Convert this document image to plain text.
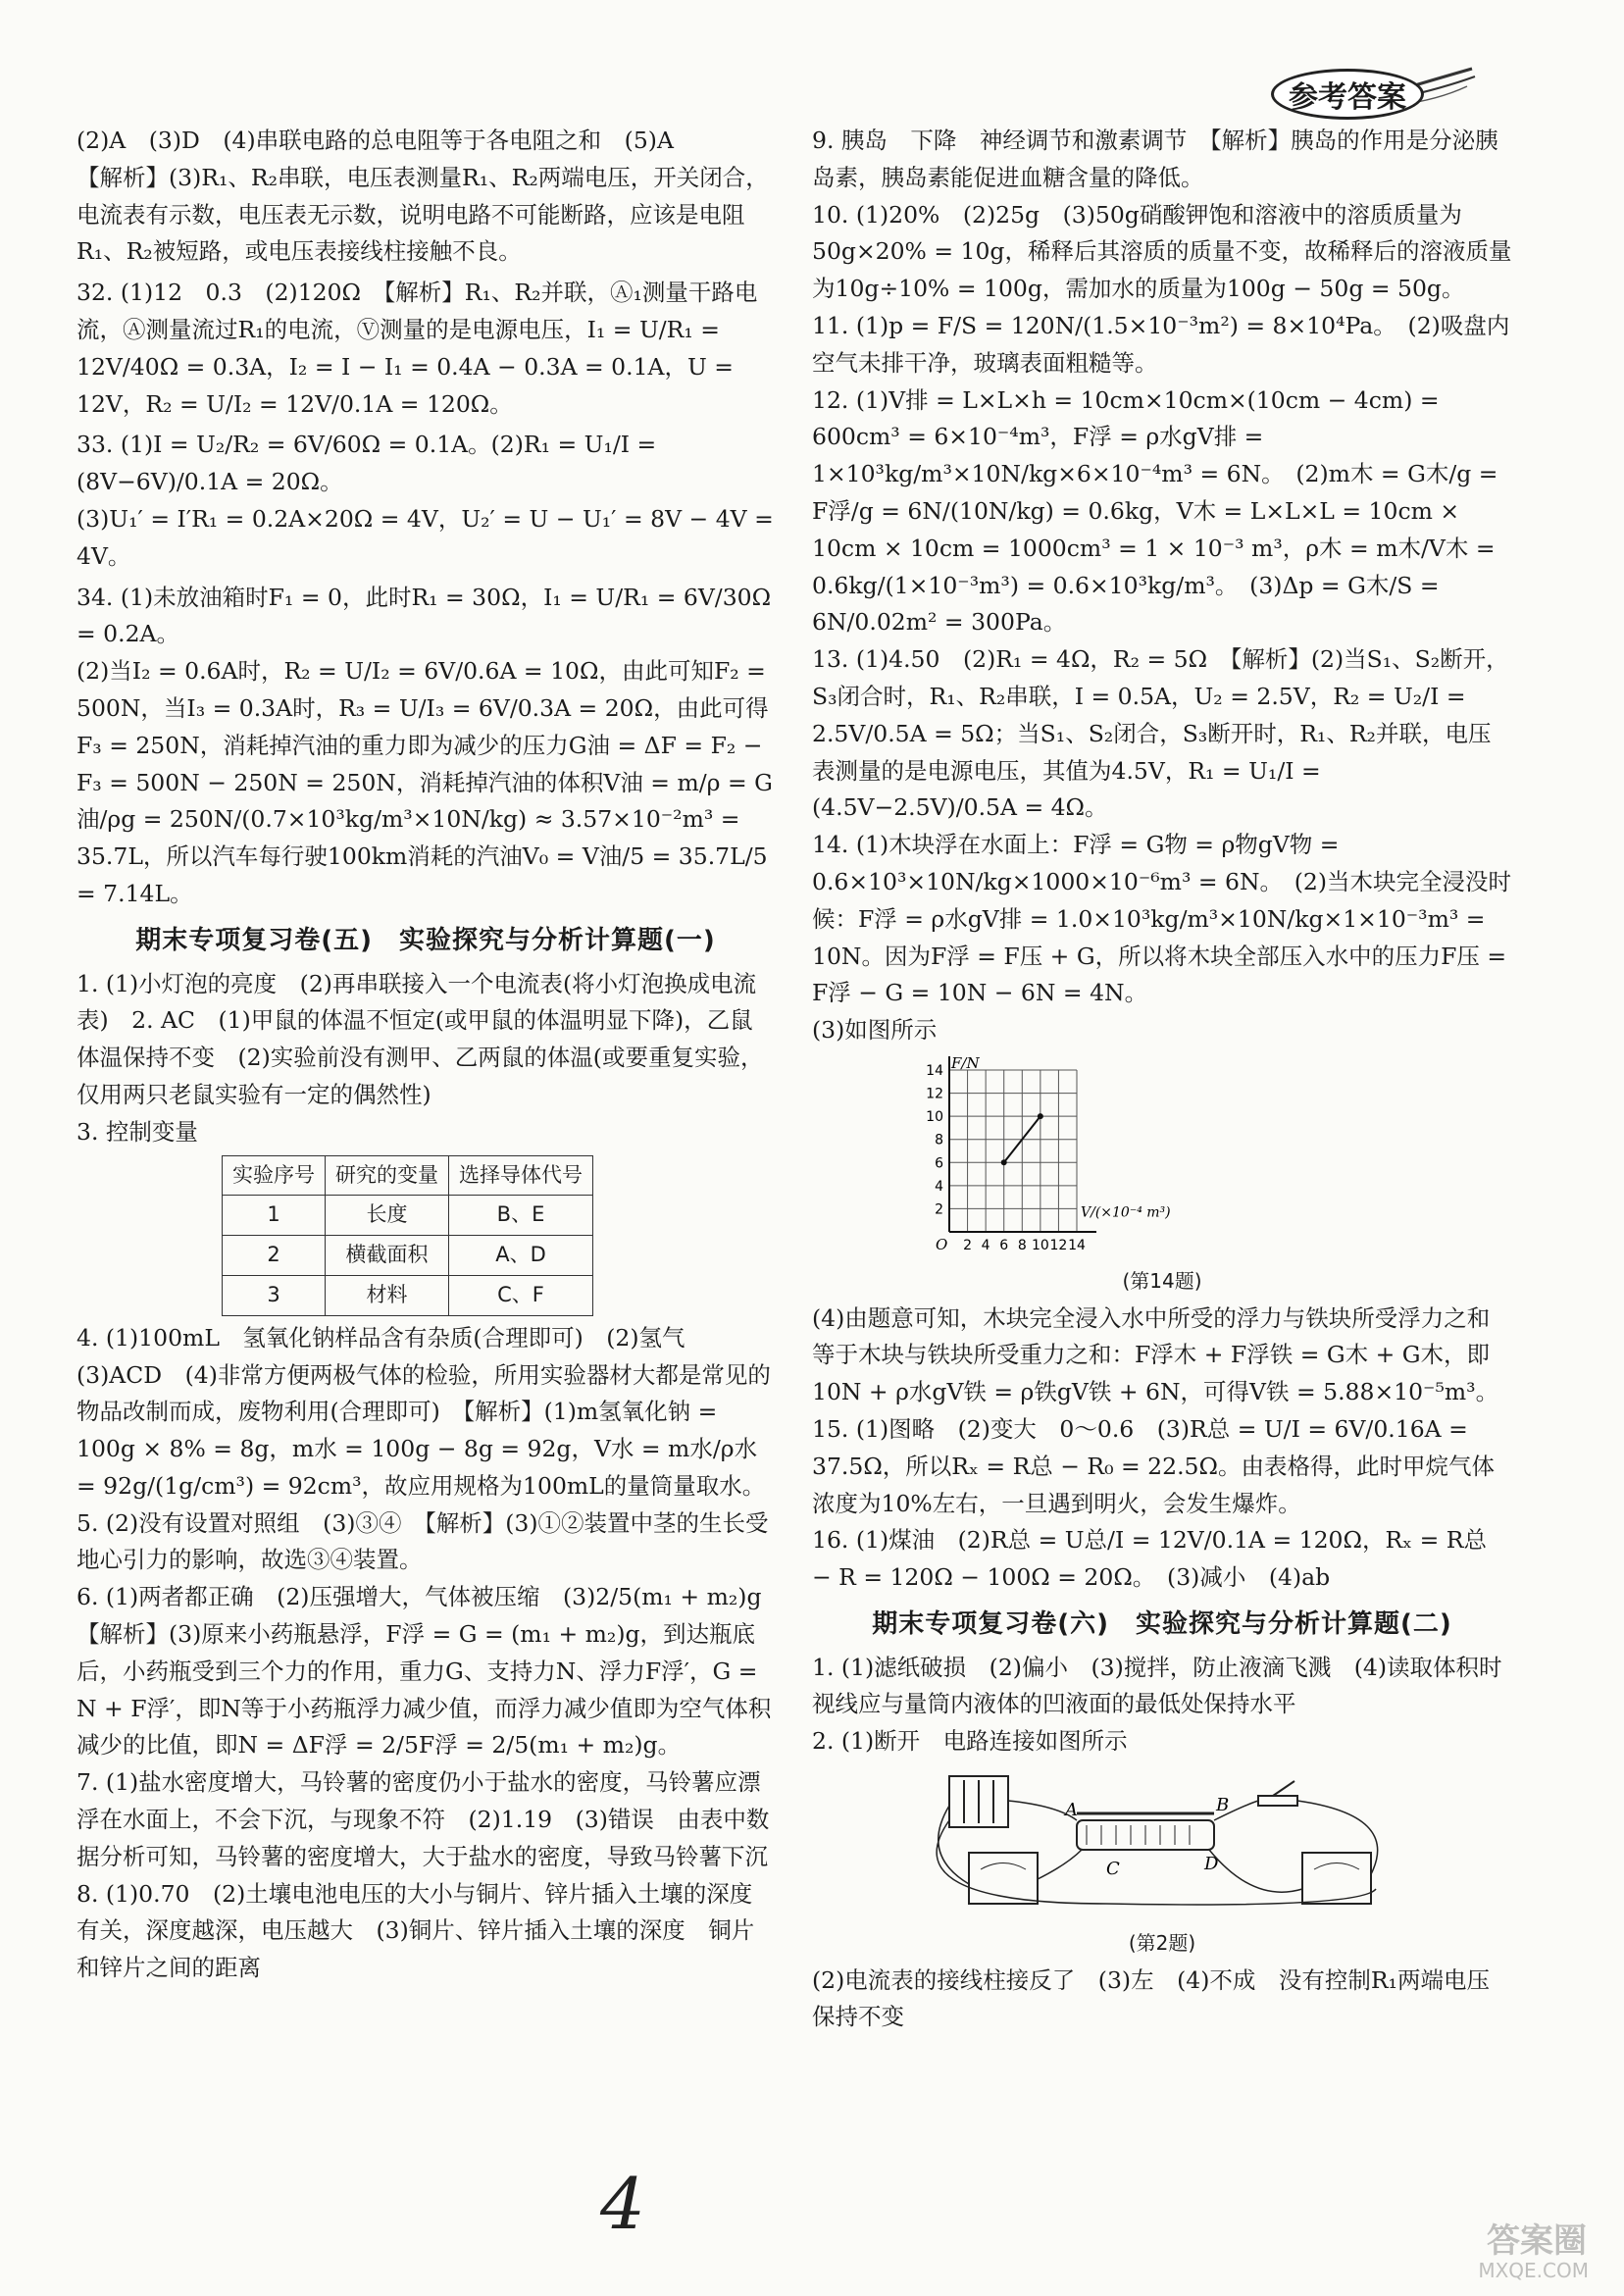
参考答案

(2)A　(3)D　(4)串联电路的总电阻等于各电阻之和　(5)A

【解析】(3)R₁、R₂串联，电压表测量R₁、R₂两端电压，开关闭合，电流表有示数，电压表无示数，说明电路不可能断路，应该是电阻R₁、R₂被短路，或电压表接线柱接触不良。

32. (1)12　0.3　(2)120Ω　【解析】R₁、R₂并联，Ⓐ₁测量干路电流，Ⓐ测量流过R₁的电流，Ⓥ测量的是电源电压，I₁ = U/R₁ = 12V/40Ω = 0.3A，I₂ = I − I₁ = 0.4A − 0.3A = 0.1A，U = 12V，R₂ = U/I₂ = 12V/0.1A = 120Ω。

33. (1)I = U₂/R₂ = 6V/60Ω = 0.1A。(2)R₁ = U₁/I = (8V−6V)/0.1A = 20Ω。

(3)U₁′ = I′R₁ = 0.2A×20Ω = 4V，U₂′ = U − U₁′ = 8V − 4V = 4V。

34. (1)未放油箱时F₁ = 0，此时R₁ = 30Ω，I₁ = U/R₁ = 6V/30Ω = 0.2A。

(2)当I₂ = 0.6A时，R₂ = U/I₂ = 6V/0.6A = 10Ω，由此可知F₂ = 500N，当I₃ = 0.3A时，R₃ = U/I₃ = 6V/0.3A = 20Ω，由此可得F₃ = 250N，消耗掉汽油的重力即为减少的压力G油 = ΔF = F₂ − F₃ = 500N − 250N = 250N，消耗掉汽油的体积V油 = m/ρ = G油/ρg = 250N/(0.7×10³kg/m³×10N/kg) ≈ 3.57×10⁻²m³ = 35.7L，所以汽车每行驶100km消耗的汽油V₀ = V油/5 = 35.7L/5 = 7.14L。

期末专项复习卷(五)　实验探究与分析计算题(一)

1. (1)小灯泡的亮度　(2)再串联接入一个电流表(将小灯泡换成电流表)　2. AC　(1)甲鼠的体温不恒定(或甲鼠的体温明显下降)，乙鼠体温保持不变　(2)实验前没有测甲、乙两鼠的体温(或要重复实验，仅用两只老鼠实验有一定的偶然性)

3. 控制变量

实验序号	研究的变量	选择导体代号
1	长度	B、E
2	横截面积	A、D
3	材料	C、F

4. (1)100mL　氢氧化钠样品含有杂质(合理即可)　(2)氢气　(3)ACD　(4)非常方便两极气体的检验，所用实验器材大都是常见的物品改制而成，废物利用(合理即可)　【解析】(1)m氢氧化钠 = 100g × 8% = 8g，m水 = 100g − 8g = 92g，V水 = m水/ρ水 = 92g/(1g/cm³) = 92cm³，故应用规格为100mL的量筒量取水。

5. (2)没有设置对照组　(3)③④　【解析】(3)①②装置中茎的生长受地心引力的影响，故选③④装置。

6. (1)两者都正确　(2)压强增大，气体被压缩　(3)2/5(m₁ + m₂)g

【解析】(3)原来小药瓶悬浮，F浮 = G = (m₁ + m₂)g，到达瓶底后，小药瓶受到三个力的作用，重力G、支持力N、浮力F浮′，G = N + F浮′，即N等于小药瓶浮力减少值，而浮力减少值即为空气体积减少的比值，即N = ΔF浮 = 2/5F浮 = 2/5(m₁ + m₂)g。

7. (1)盐水密度增大，马铃薯的密度仍小于盐水的密度，马铃薯应漂浮在水面上，不会下沉，与现象不符　(2)1.19　(3)错误　由表中数据分析可知，马铃薯的密度增大，大于盐水的密度，导致马铃薯下沉

8. (1)0.70　(2)土壤电池电压的大小与铜片、锌片插入土壤的深度有关，深度越深，电压越大　(3)铜片、锌片插入土壤的深度　铜片和锌片之间的距离

9. 胰岛　下降　神经调节和激素调节　【解析】胰岛的作用是分泌胰岛素，胰岛素能促进血糖含量的降低。

10. (1)20%　(2)25g　(3)50g硝酸钾饱和溶液中的溶质质量为50g×20% = 10g，稀释后其溶质的质量不变，故稀释后的溶液质量为10g÷10% = 100g，需加水的质量为100g − 50g = 50g。

11. (1)p = F/S = 120N/(1.5×10⁻³m²) = 8×10⁴Pa。　(2)吸盘内空气未排干净，玻璃表面粗糙等。

12. (1)V排 = L×L×h = 10cm×10cm×(10cm − 4cm) = 600cm³ = 6×10⁻⁴m³，F浮 = ρ水gV排 = 1×10³kg/m³×10N/kg×6×10⁻⁴m³ = 6N。　(2)m木 = G木/g = F浮/g = 6N/(10N/kg) = 0.6kg，V木 = L×L×L = 10cm × 10cm × 10cm = 1000cm³ = 1 × 10⁻³ m³，ρ木 = m木/V木 = 0.6kg/(1×10⁻³m³) = 0.6×10³kg/m³。　(3)Δp = G木/S = 6N/0.02m² = 300Pa。

13. (1)4.50　(2)R₁ = 4Ω，R₂ = 5Ω　【解析】(2)当S₁、S₂断开，S₃闭合时，R₁、R₂串联，I = 0.5A，U₂ = 2.5V，R₂ = U₂/I = 2.5V/0.5A = 5Ω；当S₁、S₂闭合，S₃断开时，R₁、R₂并联，电压表测量的是电源电压，其值为4.5V，R₁ = U₁/I = (4.5V−2.5V)/0.5A = 4Ω。

14. (1)木块浮在水面上：F浮 = G物 = ρ物gV物 = 0.6×10³×10N/kg×1000×10⁻⁶m³ = 6N。　(2)当木块完全浸没时候：F浮 = ρ水gV排 = 1.0×10³kg/m³×10N/kg×1×10⁻³m³ = 10N。因为F浮 = F压 + G，所以将木块全部压入水中的压力F压 = F浮 − G = 10N − 6N = 4N。

(3)如图所示

2 4 6 8 10 12 14
2
4
6
8
10
12
14
O
F/N
V/(×10⁻⁴ m³)
(第14题)

(4)由题意可知，木块完全浸入水中所受的浮力与铁块所受浮力之和等于木块与铁块所受重力之和：F浮木 + F浮铁 = G木 + G木，即10N + ρ水gV铁 = ρ铁gV铁 + 6N，可得V铁 = 5.88×10⁻⁵m³。

15. (1)图略　(2)变大　0～0.6　(3)R总 = U/I = 6V/0.16A = 37.5Ω，所以Rₓ = R总 − R₀ = 22.5Ω。由表格得，此时甲烷气体浓度为10%左右，一旦遇到明火，会发生爆炸。

16. (1)煤油　(2)R总 = U总/I = 12V/0.1A = 120Ω，Rₓ = R总 − R = 120Ω − 100Ω = 20Ω。　(3)减小　(4)ab

期末专项复习卷(六)　实验探究与分析计算题(二)

1. (1)滤纸破损　(2)偏小　(3)搅拌，防止液滴飞溅　(4)读取体积时视线应与量筒内液体的凹液面的最低处保持水平

2. (1)断开　电路连接如图所示

A	B
C	D
(第2题)

(2)电流表的接线柱接反了　(3)左　(4)不成　没有控制R₁两端电压保持不变

4	答案圈
MXQE.COM
